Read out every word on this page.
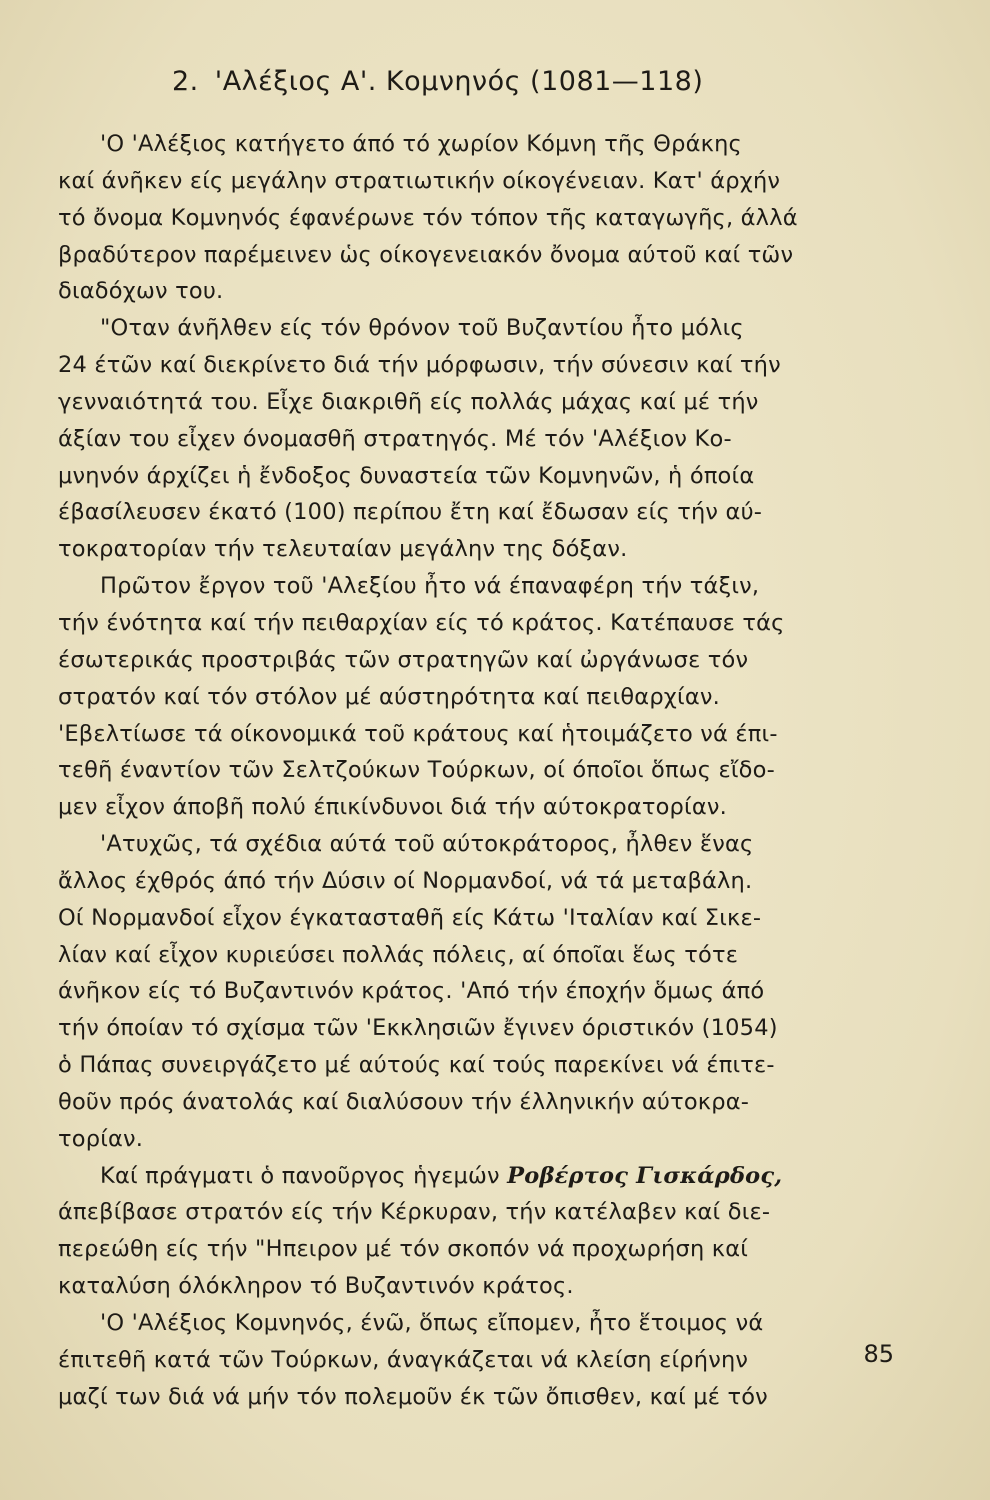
2. 'Αλέξιος Α'. Κομνηνός (1081—118)
'Ο 'Αλέξιος κατήγετο άπό τό χωρίον Κόμνη τῆς Θράκης
καί άνῆκεν είς μεγάλην στρατιωτικήν οίκογένειαν. Κατ' άρχήν
τό ὄνομα Κομνηνός έφανέρωνε τόν τόπον τῆς καταγωγῆς, άλλά
βραδύτερον παρέμεινεν ὡς οίκογενειακόν ὄνομα αύτοῦ καί τῶν
διαδόχων του.
"Οταν άνῆλθεν είς τόν θρόνον τοῦ Βυζαντίου ἦτο μόλις
24 έτῶν καί διεκρίνετο διά τήν μόρφωσιν, τήν σύνεσιν καί τήν
γενναιότητά του. Εἶχε διακριθῆ είς πολλάς μάχας καί μέ τήν
άξίαν του εἶχεν όνομασθῆ στρατηγός. Μέ τόν 'Αλέξιον Κο-
μνηνόν άρχίζει ἡ ἔνδοξος δυναστεία τῶν Κομνηνῶν, ἡ όποία
έβασίλευσεν έκατό (100) περίπου ἔτη καί ἔδωσαν είς τήν αύ-
τοκρατορίαν τήν τελευταίαν μεγάλην της δόξαν.
Πρῶτον ἔργον τοῦ 'Αλεξίου ἦτο νά έπαναφέρη τήν τάξιν,
τήν ένότητα καί τήν πειθαρχίαν είς τό κράτος. Κατέπαυσε τάς
έσωτερικάς προστριβάς τῶν στρατηγῶν καί ὠργάνωσε τόν
στρατόν καί τόν στόλον μέ αύστηρότητα καί πειθαρχίαν.
'Εβελτίωσε τά οίκονομικά τοῦ κράτους καί ἡτοιμάζετο νά έπι-
τεθῆ έναντίον τῶν Σελτζούκων Τούρκων, οί όποῖοι ὅπως εἴδο-
μεν εἶχον άποβῆ πολύ έπικίνδυνοι διά τήν αύτοκρατορίαν.
'Ατυχῶς, τά σχέδια αύτά τοῦ αύτοκράτορος, ἦλθεν ἕνας
ἄλλος έχθρός άπό τήν Δύσιν οί Νορμανδοί, νά τά μεταβάλη.
Οί Νορμανδοί εἶχον έγκατασταθῆ είς Κάτω 'Ιταλίαν καί Σικε-
λίαν καί εἶχον κυριεύσει πολλάς πόλεις, αί όποῖαι ἕως τότε
άνῆκον είς τό Βυζαντινόν κράτος. 'Από τήν έποχήν ὅμως άπό
τήν όποίαν τό σχίσμα τῶν 'Εκκλησιῶν ἔγινεν όριστικόν (1054)
ὁ Πάπας συνειργάζετο μέ αύτούς καί τούς παρεκίνει νά έπιτε-
θοῦν πρός άνατολάς καί διαλύσουν τήν έλληνικήν αύτοκρα-
τορίαν.
Καί πράγματι ὁ πανοῦργος ἡγεμών Ροβέρτος Γισκάρδος,
άπεβίβασε στρατόν είς τήν Κέρκυραν, τήν κατέλαβεν καί διε-
περεώθη είς τήν "Ηπειρον μέ τόν σκοπόν νά προχωρήση καί
καταλύση όλόκληρον τό Βυζαντινόν κράτος.
'Ο 'Αλέξιος Κομνηνός, ένῶ, ὅπως εἴπομεν, ἦτο ἕτοιμος νά
έπιτεθῆ κατά τῶν Τούρκων, άναγκάζεται νά κλείση είρήνην
μαζί των διά νά μήν τόν πολεμοῦν έκ τῶν ὄπισθεν, καί μέ τόν
85
